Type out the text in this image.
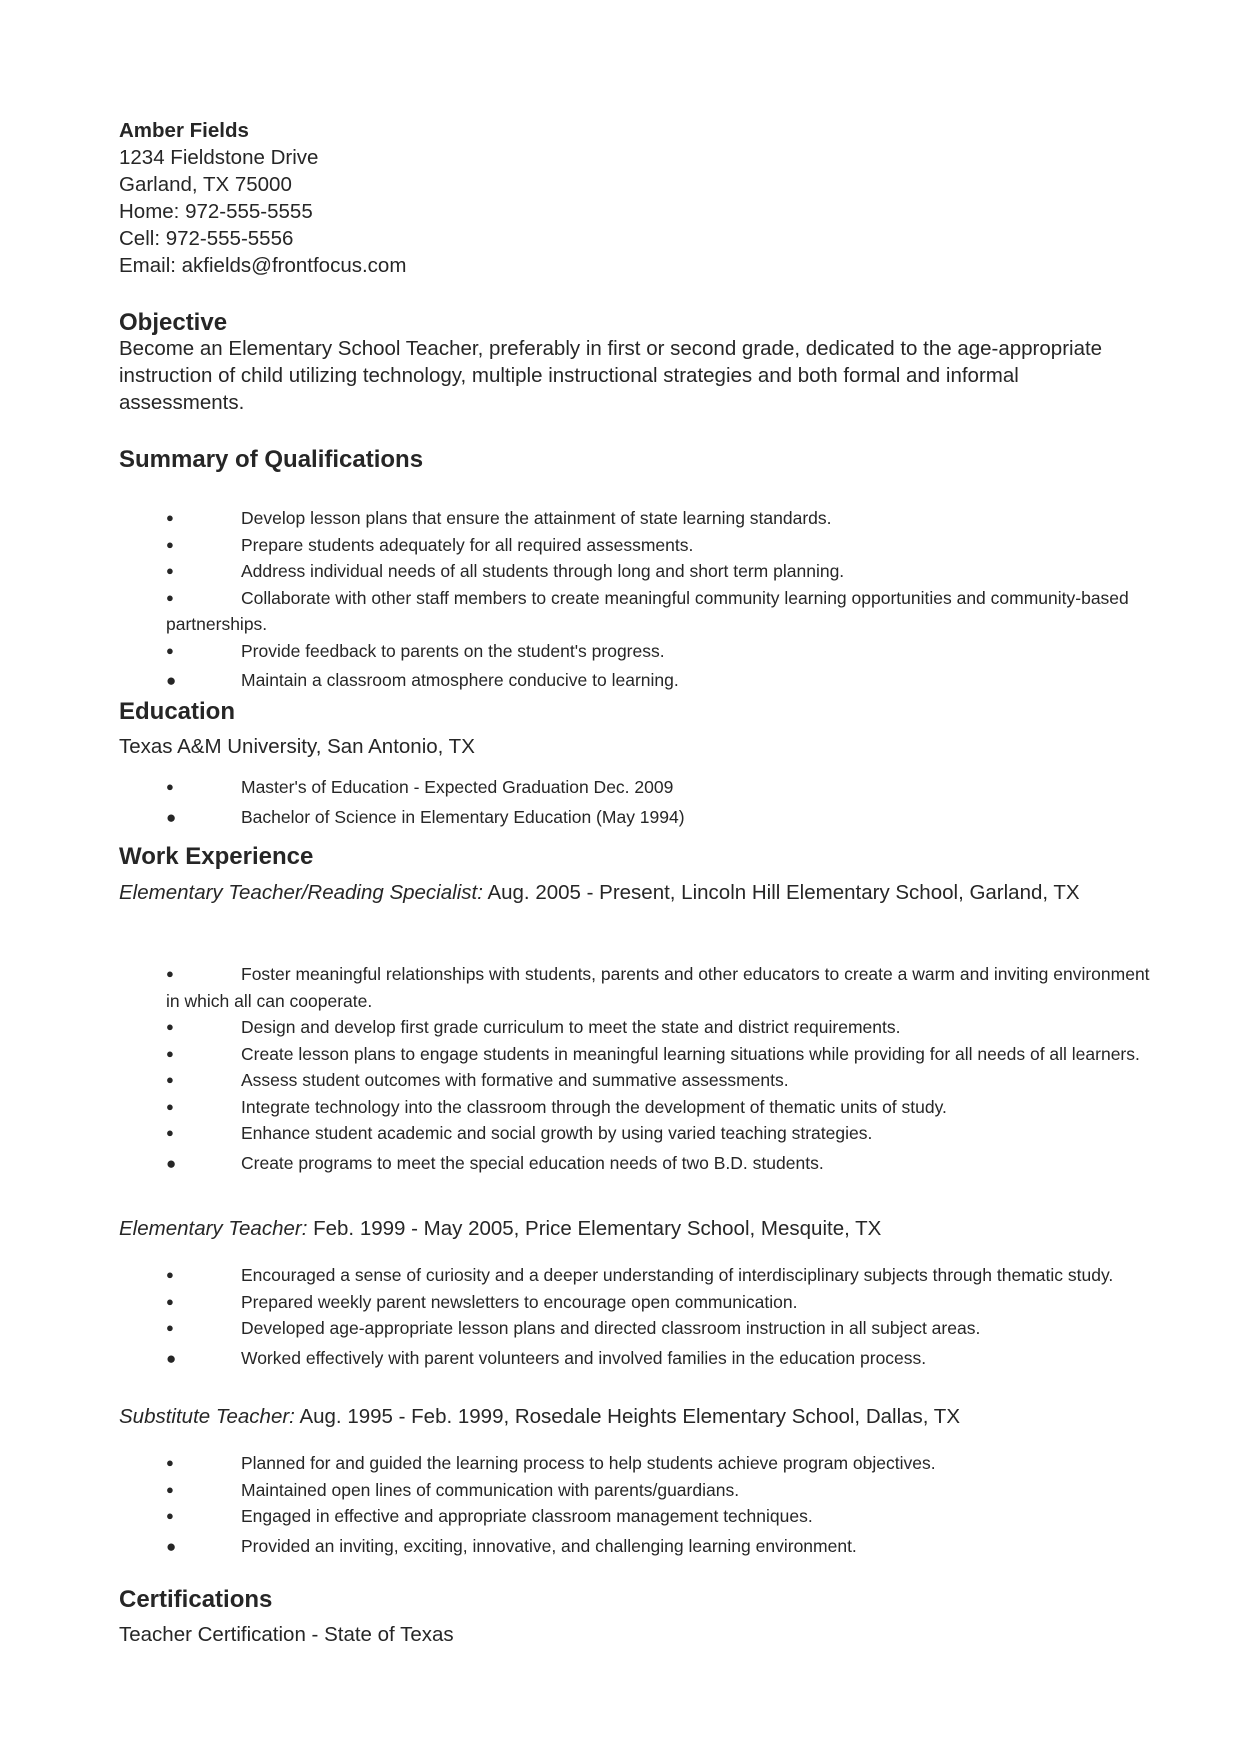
Amber Fields
1234 Fieldstone Drive
Garland, TX 75000
Home: 972-555-5555
Cell: 972-555-5556
Email: akfields@frontfocus.com
Objective
Become an Elementary School Teacher, preferably in first or second grade, dedicated to the age-appropriate instruction of child utilizing technology, multiple instructional strategies and both formal and informal assessments.
Summary of Qualifications
●	Develop lesson plans that ensure the attainment of state learning standards.
●	Prepare students adequately for all required assessments.
●	Address individual needs of all students through long and short term planning.
●	Collaborate with other staff members to create meaningful community learning opportunities and community-based partnerships.
●	Provide feedback to parents on the student's progress.
●	Maintain a classroom atmosphere conducive to learning.
Education
Texas A&M University, San Antonio, TX
●	Master's of Education - Expected Graduation Dec. 2009
●	Bachelor of Science in Elementary Education (May 1994)
Work Experience
Elementary Teacher/Reading Specialist: Aug. 2005 - Present, Lincoln Hill Elementary School, Garland, TX
●	Foster meaningful relationships with students, parents and other educators to create a warm and inviting environment in which all can cooperate.
●	Design and develop first grade curriculum to meet the state and district requirements.
●	Create lesson plans to engage students in meaningful learning situations while providing for all needs of all learners.
●	Assess student outcomes with formative and summative assessments.
●	Integrate technology into the classroom through the development of thematic units of study.
●	Enhance student academic and social growth by using varied teaching strategies.
●	Create programs to meet the special education needs of two B.D. students.
Elementary Teacher: Feb. 1999 - May 2005, Price Elementary School, Mesquite, TX
●	Encouraged a sense of curiosity and a deeper understanding of interdisciplinary subjects through thematic study.
●	Prepared weekly parent newsletters to encourage open communication.
●	Developed age-appropriate lesson plans and directed classroom instruction in all subject areas.
●	Worked effectively with parent volunteers and involved families in the education process.
Substitute Teacher: Aug. 1995 - Feb. 1999, Rosedale Heights Elementary School, Dallas, TX
●	Planned for and guided the learning process to help students achieve program objectives.
●	Maintained open lines of communication with parents/guardians.
●	Engaged in effective and appropriate classroom management techniques.
●	Provided an inviting, exciting, innovative, and challenging learning environment.
Certifications
Teacher Certification - State of Texas
